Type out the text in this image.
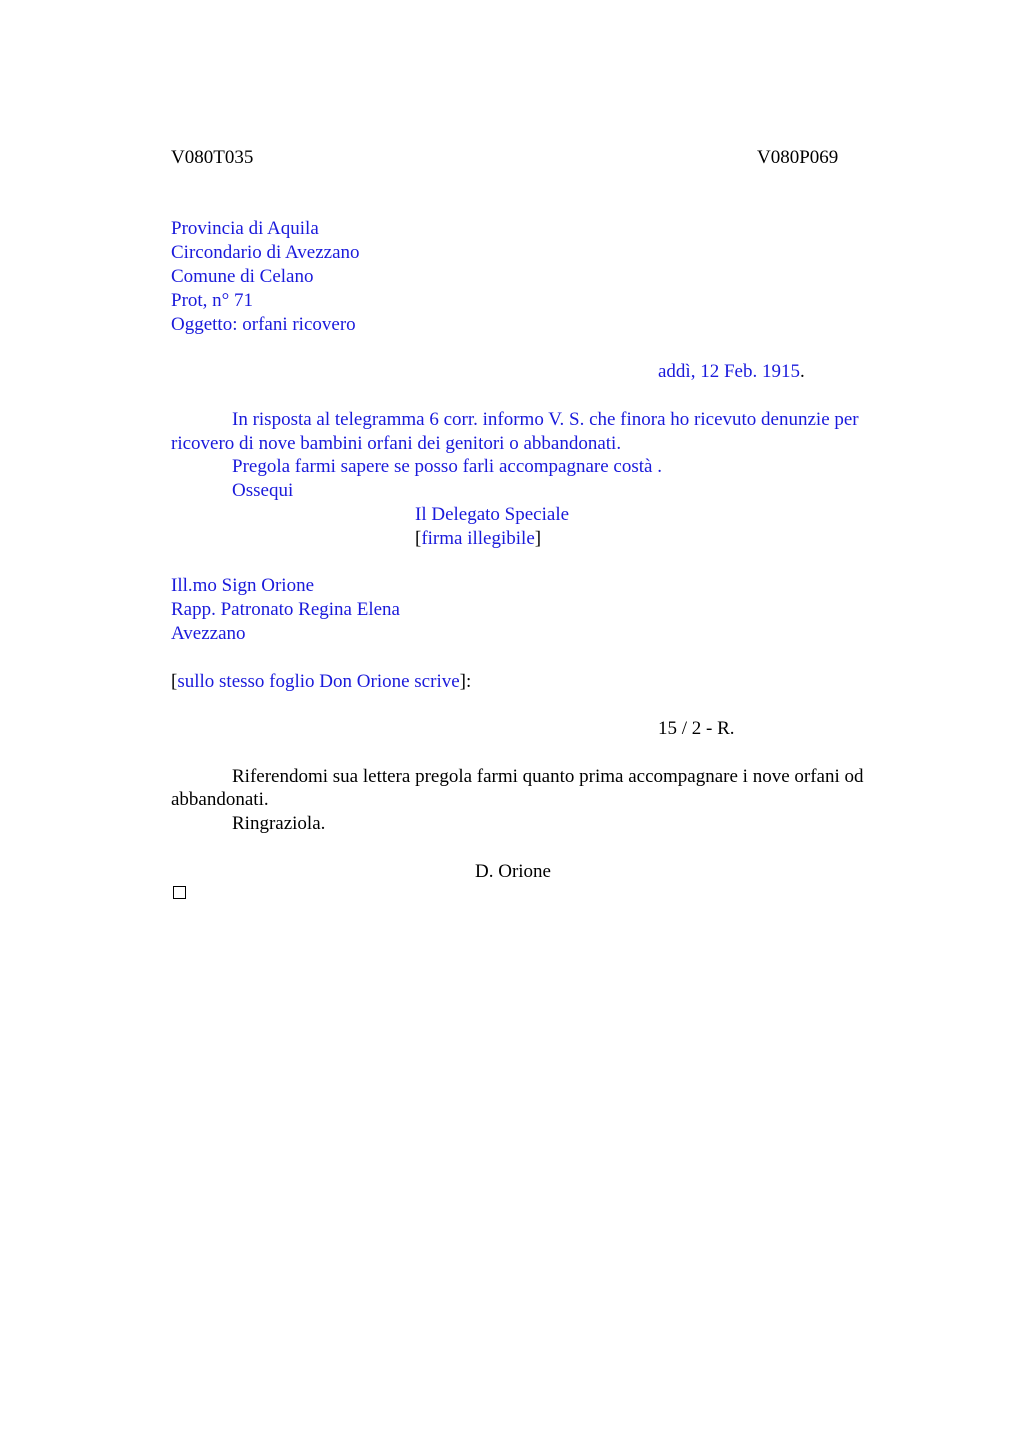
V080T035	V080P069
Provincia di Aquila
Circondario di Avezzano
Comune di Celano
Prot, n° 71
Oggetto: orfani ricovero
addì, 12 Feb. 1915.
In risposta al telegramma 6 corr. informo V. S. che finora ho ricevuto denunzie per
ricovero di nove bambini orfani dei genitori o abbandonati.
Pregola farmi sapere se posso farli accompagnare costà .
Ossequi
Il Delegato Speciale
[firma illegibile]
Ill.mo Sign Orione
Rapp. Patronato Regina Elena
Avezzano
[sullo stesso foglio Don Orione scrive]:
15 / 2 - R.
Riferendomi sua lettera pregola farmi quanto prima accompagnare i nove orfani od
abbandonati.
Ringraziola.
D. Orione
